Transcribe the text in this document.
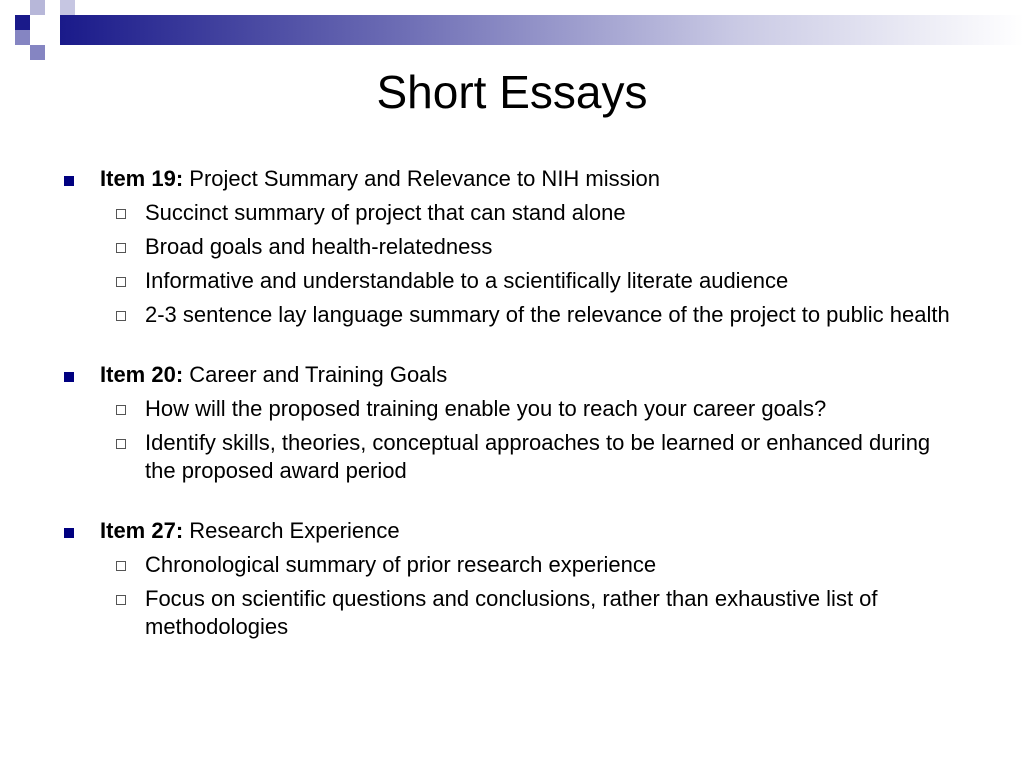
Short Essays
Item 19: Project Summary and Relevance to NIH mission
Succinct summary of project that can stand alone
Broad goals and health-relatedness
Informative and understandable to a scientifically literate audience
2-3 sentence lay language summary of the relevance of the project to public health
Item 20: Career and Training Goals
How will the proposed training enable you to reach your career goals?
Identify skills, theories, conceptual approaches to be learned or enhanced during the proposed award period
Item 27: Research Experience
Chronological summary of prior research experience
Focus on scientific questions and conclusions, rather than exhaustive list of methodologies
